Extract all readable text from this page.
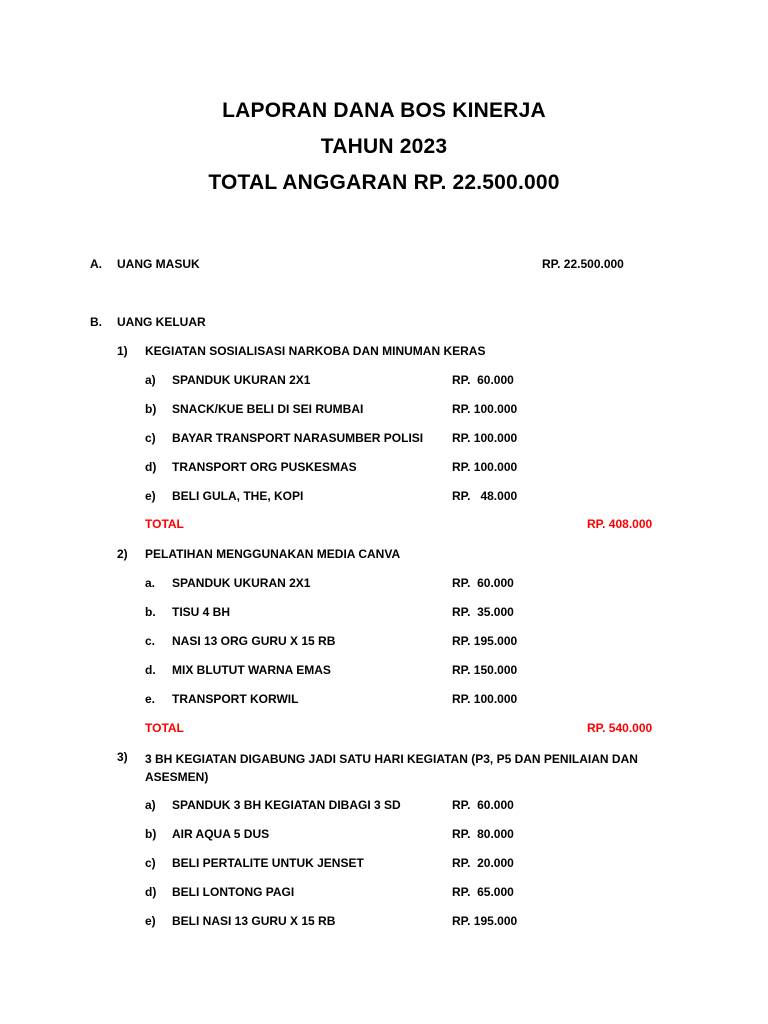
LAPORAN DANA BOS KINERJA
TAHUN 2023
TOTAL ANGGARAN RP. 22.500.000
A. UANG MASUK	RP. 22.500.000
B. UANG KELUAR
1) KEGIATAN SOSIALISASI NARKOBA DAN MINUMAN KERAS
a) SPANDUK UKURAN 2X1	RP.  60.000
b) SNACK/KUE BELI DI SEI RUMBAI	RP. 100.000
c) BAYAR TRANSPORT NARASUMBER POLISI RP. 100.000
d) TRANSPORT ORG PUSKESMAS	RP. 100.000
e) BELI GULA, THE, KOPI	RP.   48.000
TOTAL	RP. 408.000
2) PELATIHAN MENGGUNAKAN MEDIA CANVA
a. SPANDUK UKURAN 2X1	RP.  60.000
b. TISU 4 BH	RP.  35.000
c. NASI 13 ORG GURU X 15 RB	RP. 195.000
d. MIX BLUTUT WARNA EMAS	RP. 150.000
e. TRANSPORT KORWIL	RP. 100.000
TOTAL	RP. 540.000
3) 3 BH KEGIATAN DIGABUNG JADI SATU HARI KEGIATAN (P3, P5 DAN PENILAIAN DAN ASESMEN)
a) SPANDUK 3 BH KEGIATAN DIBAGI 3 SD	RP.  60.000
b) AIR AQUA 5 DUS	RP.  80.000
c) BELI PERTALITE UNTUK JENSET	RP.  20.000
d) BELI LONTONG PAGI	RP.  65.000
e) BELI NASI 13 GURU X 15 RB	RP. 195.000
